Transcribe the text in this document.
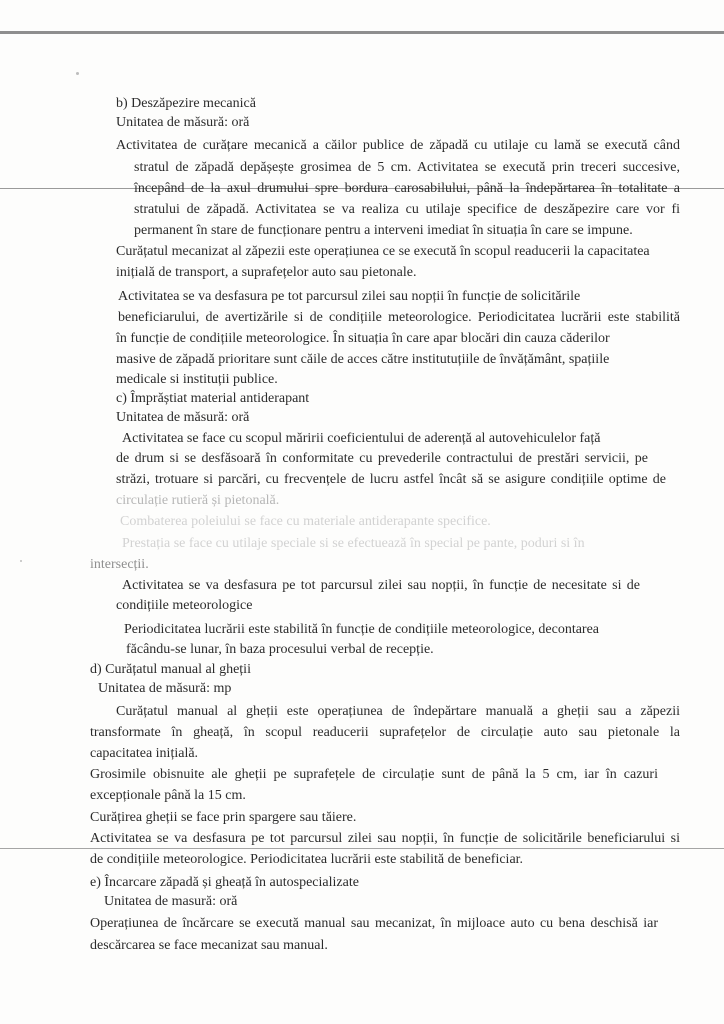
b) Deszăpezire mecanică
Unitatea de măsură: oră
Activitatea de curățare mecanică a căilor publice de zăpadă cu utilaje cu lamă se execută când
stratul de zăpadă depășește grosimea de 5 cm. Activitatea se execută prin treceri succesive,
începând de la axul drumului spre bordura carosabilului, până la îndepărtarea în totalitate a
stratului de zăpadă. Activitatea se va realiza cu utilaje specifice de deszăpezire care vor fi
permanent în stare de funcționare pentru a interveni imediat în situația în care se impune.
Curățatul mecanizat al zăpezii este operațiunea ce se execută în scopul readucerii la capacitatea
inițială de transport, a suprafețelor auto sau pietonale.
Activitatea se va desfasura pe tot parcursul zilei sau nopții în funcție de solicitările
beneficiarului, de avertizările si de condițiile meteorologice. Periodicitatea lucrării este stabilită
în funcție de condițiile meteorologice. În situația în care apar blocări din cauza căderilor
masive de zăpadă prioritare sunt căile de acces către institutuțiile de învățământ, spațiile
medicale si instituții publice.
c) Împrăștiat material antiderapant
Unitatea de măsură: oră
Activitatea se face cu scopul măririi coeficientului de aderență al autovehiculelor față
de drum si se desfăsoară în conformitate cu prevederile contractului de prestări servicii, pe
străzi, trotuare si parcări, cu frecvențele de lucru astfel încât să se asigure condițiile optime de
circulație rutieră și pietonală.
Combaterea poleiului se face cu materiale antiderapante specifice.
Prestația se face cu utilaje speciale si se efectuează în special pe pante, poduri si în
intersecții.
Activitatea se va desfasura pe tot parcursul zilei sau nopții, în funcție de necesitate si de
condițiile meteorologice
Periodicitatea lucrării este stabilită în funcție de condițiile meteorologice, decontarea
făcându-se lunar, în baza procesului verbal de recepție.
d) Curățatul manual al gheții
Unitatea de măsură: mp
Curățatul manual al gheții este operațiunea de îndepărtare manuală a gheții sau a zăpezii
transformate în gheață, în scopul readucerii suprafețelor de circulație auto sau pietonale la
capacitatea inițială.
Grosimile obisnuite ale gheții pe suprafețele de circulație sunt de până la 5 cm, iar în cazuri
excepționale până la 15 cm.
Curățirea gheții se face prin spargere sau tăiere.
Activitatea se va desfasura pe tot parcursul zilei sau nopții, în funcție de solicitările beneficiarului si
de condițiile meteorologice. Periodicitatea lucrării este stabilită de beneficiar.
e) Încarcare zăpadă și gheață în autospecializate
Unitatea de masură: oră
Operațiunea de încărcare se execută manual sau mecanizat, în mijloace auto cu bena deschisă iar
descărcarea se face mecanizat sau manual.
